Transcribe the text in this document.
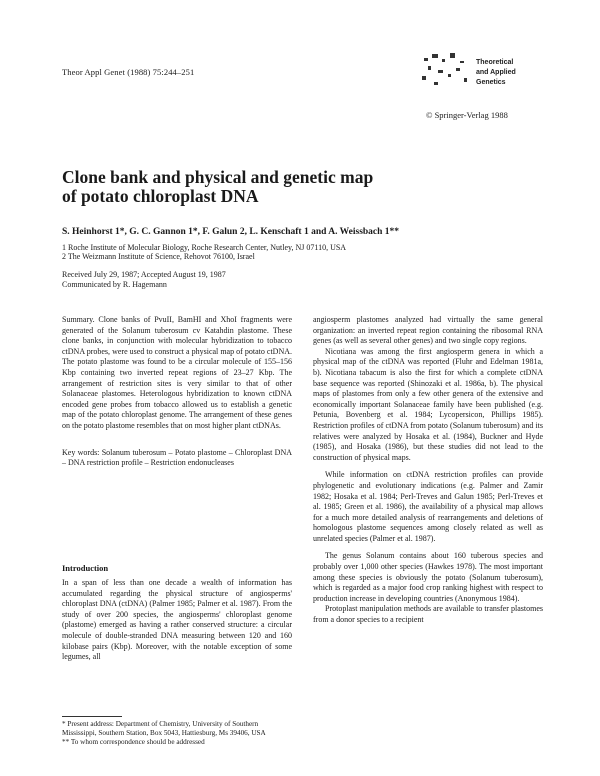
Theor Appl Genet (1988) 75:244–251
Theoretical
and Applied
Genetics
© Springer-Verlag 1988
Clone bank and physical and genetic map
of potato chloroplast DNA
S. Heinhorst 1*, G. C. Gannon 1*, F. Galun 2, L. Kenschaft 1 and A. Weissbach 1**
1 Roche Institute of Molecular Biology, Roche Research Center, Nutley, NJ 07110, USA
2 The Weizmann Institute of Science, Rehovot 76100, Israel
Received July 29, 1987; Accepted August 19, 1987
Communicated by R. Hagemann

Summary. Clone banks of PvuII, BamHI and XhoI fragments were generated of the Solanum tuberosum cv Katahdin plastome. These clone banks, in conjunction with molecular hybridization to tobacco ctDNA probes, were used to construct a physical map of potato ctDNA. The potato plastome was found to be a circular molecule of 155–156 Kbp containing two inverted repeat regions of 23–27 Kbp. The arrangement of restriction sites is very similar to that of other Solanaceae plastomes. Heterologous hybridization to known ctDNA encoded gene probes from tobacco allowed us to establish a genetic map of the potato chloroplast genome. The arrangement of these genes on the potato plastome resembles that on most higher plant ctDNAs.

Key words: Solanum tuberosum – Potato plastome – Chloroplast DNA – DNA restriction profile – Restriction endonucleases

Introduction

In a span of less than one decade a wealth of information has accumulated regarding the physical structure of angiosperms' chloroplast DNA (ctDNA) (Palmer 1985; Palmer et al. 1987). From the study of over 200 species, the angiosperms' chloroplast genome (plastome) emerged as having a rather conserved structure: a circular molecule of double-stranded DNA measuring between 120 and 160 kilobase pairs (Kbp). Moreover, with the notable exception of some legumes, all

* Present address: Department of Chemistry, University of Southern Mississippi, Southern Station, Box 5043, Hattiesburg, Ms 39406, USA

** To whom correspondence should be addressed

angiosperm plastomes analyzed had virtually the same general organization: an inverted repeat region containing the ribosomal RNA genes (as well as several other genes) and two single copy regions.

Nicotiana was among the first angiosperm genera in which a physical map of the ctDNA was reported (Fluhr and Edelman 1981a, b). Nicotiana tabacum is also the first for which a complete ctDNA base sequence was reported (Shinozaki et al. 1986a, b). The physical maps of plastomes from only a few other genera of the extensive and economically important Solanaceae family have been published (e.g. Petunia, Bovenberg et al. 1984; Lycopersicon, Phillips 1985). Restriction profiles of ctDNA from potato (Solanum tuberosum) and its relatives were analyzed by Hosaka et al. (1984), Buckner and Hyde (1985), and Hosaka (1986), but these studies did not lead to the construction of physical maps.

While information on ctDNA restriction profiles can provide phylogenetic and evolutionary indications (e.g. Palmer and Zamir 1982; Hosaka et al. 1984; Perl-Treves and Galun 1985; Perl-Treves et al. 1985; Green et al. 1986), the availability of a physical map allows for a much more detailed analysis of rearrangements and deletions of homologous plastome sequences among closely related as well as unrelated species (Palmer et al. 1987).

The genus Solanum contains about 160 tuberous species and probably over 1,000 other species (Hawkes 1978). The most important among these species is obviously the potato (Solanum tuberosum), which is regarded as a major food crop ranking highest with respect to production increase in developing countries (Anonymous 1984).

Protoplast manipulation methods are available to transfer plastomes from a donor species to a recipient
